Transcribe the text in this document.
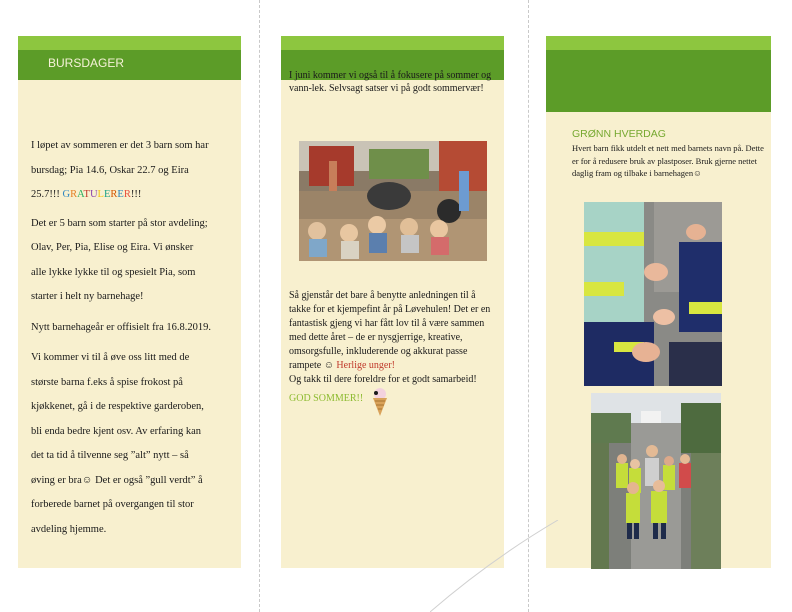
BURSDAGER
I løpet av sommeren er det 3 barn som har
bursdag; Pia 14.6, Oskar 22.7 og Eira
25.7!!! GRATULERER!!!
Det er 5 barn som starter på stor avdeling;
Olav, Per, Pia, Elise og Eira. Vi ønsker
alle lykke lykke til og spesielt Pia, som
starter i helt ny barnehage!
Nytt barnehageår er offisielt fra 16.8.2019.
Vi kommer vi til å øve oss litt med de
største barna f.eks å spise frokost på
kjøkkenet, gå i de respektive garderoben,
bli enda bedre kjent osv. Av erfaring kan
det ta tid å tilvenne seg ”alt” nytt – så
øving er bra☺ Det er også ”gull verdt” å
forberede barnet på overgangen til stor
avdeling hjemme.
I juni kommer vi også til å fokusere på sommer og vann-lek. Selvsagt satser vi på godt sommervær!
Så gjenstår det bare å benytte anledningen til å takke for et kjempefint år på Løvehulen! Det er en fantastisk gjeng vi har fått lov til å være sammen med dette året – de er nysgjerrige, kreative, omsorgsfulle, inkluderende og akkurat passe rampete ☺ Herlige unger!
Og takk til dere foreldre for et godt samarbeid!
GOD SOMMER!!
GRØNN HVERDAG
Hvert barn fikk utdelt et nett med barnets navn på. Dette er for å redusere bruk av plastposer. Bruk gjerne nettet daglig fram og tilbake i barnehagen☺
